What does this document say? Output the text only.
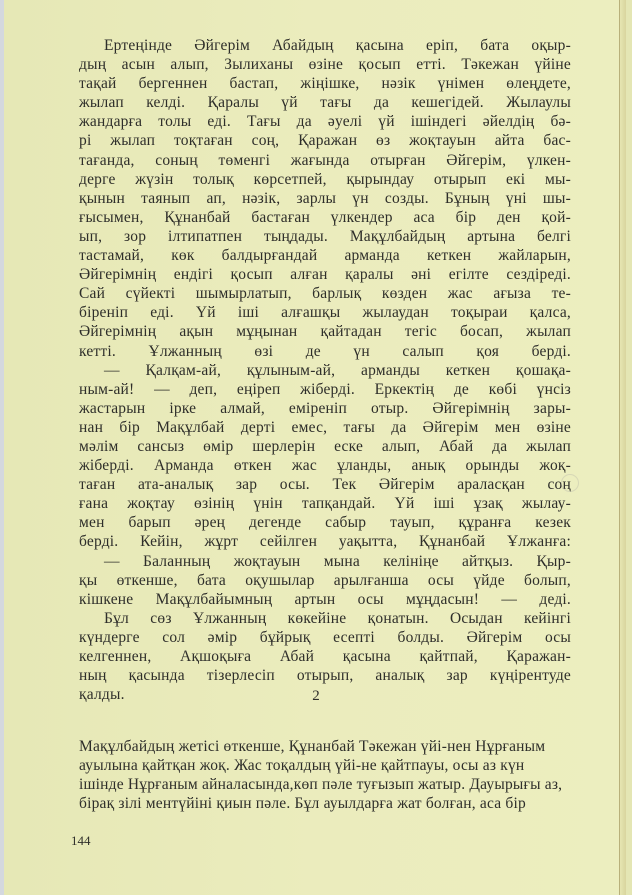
Ертеңінде Әйгерім Абайдың қасына еріп, бата оқыр-
дың асын алып, Зылиханы өзіне қосып етті. Тәкежан үйіне
тақай бергеннен бастап, жіңішке, нәзік үнімен өлеңдете,
жылап келді. Қаралы үй тағы да кешегідей. Жылаулы
жандарға толы еді. Тағы да әуелі үй ішіндегі әйелдің бә-
рі жылап тоқтаған соң, Қаражан өз жоқтауын айта бас-
тағанда, соның төменгі жағында отырған Әйгерім, үлкен-
дерге жүзін толық көрсетпей, қырындау отырып екі мы-
қынын таянып ап, нәзік, зарлы үн созды. Бұның үні шы-
ғысымен, Құнанбай бастаған үлкендер аса бір ден қой-
ып, зор ілтипатпен тыңдады. Мақұлбайдың артына белгі
тастамай, көк балдырғандай арманда кеткен жайларын,
Әйгерімнің ендігі қосып алған қаралы әні егілте сездіреді.
Сай сүйекті шымырлатып, барлық көзден жас ағыза те-
біреніп еді. Үй іші алғашқы жылаудан тоқыраи қалса,
Әйгерімнің ақын мұңынан қайтадан тегіс босап, жылап
кетті. Ұлжанның өзі де үн салып қоя берді.

— Қалқам-ай, құлыным-ай, арманды кеткен қошақа-
ным-ай! — деп, еңіреп жіберді. Еркектің де көбі үнсіз
жастарын ірке алмай, еміреніп отыр. Әйгерімнің зары-
нан бір Мақұлбай дерті емес, тағы да Әйгерім мен өзіне
мәлім сансыз өмір шерлерін еске алып, Абай да жылап
жіберді. Арманда өткен жас ұланды, анық орынды жоқ-
таған ата-аналық зар осы. Тек Әйгерім араласқан соң
ғана жоқтау өзінің үнін тапқандай. Үй іші ұзақ жылау-
мен барып әрең дегенде сабыр тауып, құранға кезек
берді. Кейін, жұрт сейілген уақытта, Құнанбай Ұлжанға:

— Баланның жоқтауын мына келініңе айтқыз. Қыр-
қы өткенше, бата оқушылар арылғанша осы үйде болып,
кішкене Мақұлбайымның артын осы мұңдасын! — деді.

Бұл сөз Ұлжанның көкейіне қонатын. Осыдан кейінгі
күндерге сол әмір бұйрық есепті болды. Әйгерім осы
келгеннен, Ақшоқыға Абай қасына қайтпай, Қаражан-
ның қасында тізерлесіп отырып, аналық зар күңірентуде
қалды.	2

Мақұлбайдың жетісі өткенше, Құнанбай Тәкежан үйі-нен Нұрғаным ауылына қайтқан жоқ. Жас тоқалдың үйі-не қайтпауы, осы аз күн ішінде Нұрғаным айналасында,көп пәле туғызып жатыр. Дауырығы аз, бірақ зілі ментүйіні қиын пәле. Бұл ауылдарға жат болған, аса бір

144
